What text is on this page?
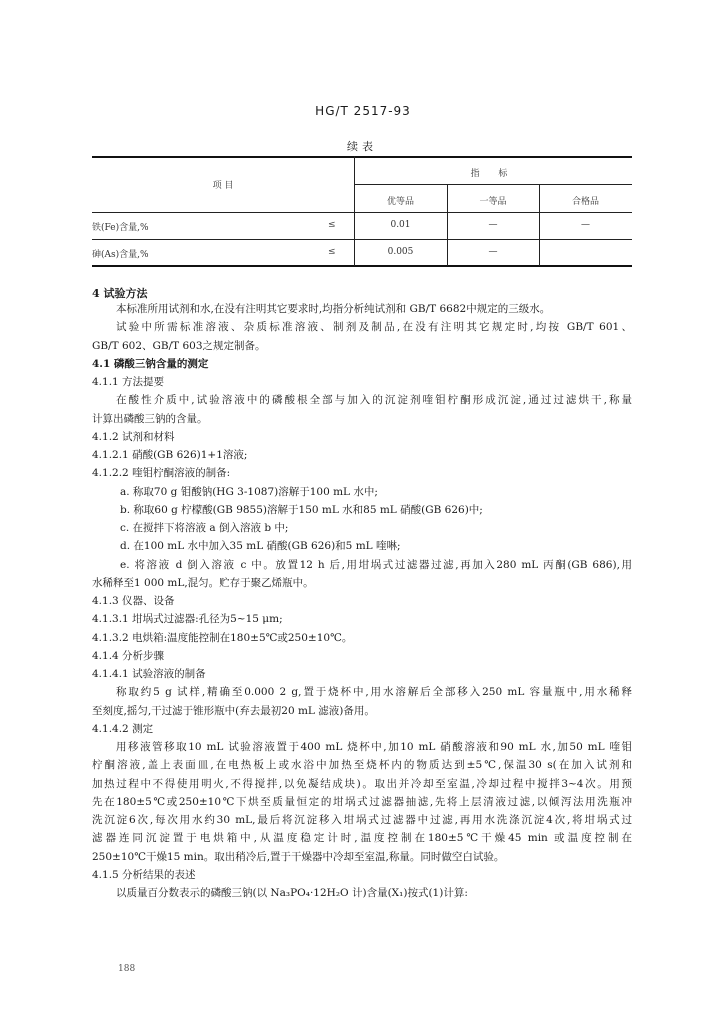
HG/T 2517-93
续表
项 目
指 标
优等品	一等品	合格品
铁(Fe)含量,%	≤	0.01	—	—
砷(As)含量,%	≤	0.005	—
4 试验方法
本标准所用试剂和水,在没有注明其它要求时,均指分析纯试剂和 GB/T 6682中规定的三级水。
试验中所需标准溶液、杂质标准溶液、制剂及制品,在没有注明其它规定时,均按 GB/T 601、
GB/T 602、GB/T 603之规定制备。
4.1 磷酸三钠含量的测定
4.1.1 方法提要
在酸性介质中,试验溶液中的磷酸根全部与加入的沉淀剂喹钼柠酮形成沉淀,通过过滤烘干,称量
计算出磷酸三钠的含量。
4.1.2 试剂和材料
4.1.2.1 硝酸(GB 626)1+1溶液;
4.1.2.2 喹钼柠酮溶液的制备:
a. 称取70 g 钼酸钠(HG 3-1087)溶解于100 mL 水中;
b. 称取60 g 柠檬酸(GB 9855)溶解于150 mL 水和85 mL 硝酸(GB 626)中;
c. 在搅拌下将溶液 a 倒入溶液 b 中;
d. 在100 mL 水中加入35 mL 硝酸(GB 626)和5 mL 喹啉;
e. 将溶液 d 倒入溶液 c 中。放置12 h 后,用坩埚式过滤器过滤,再加入280 mL 丙酮(GB 686),用
水稀释至1 000 mL,混匀。贮存于聚乙烯瓶中。
4.1.3 仪器、设备
4.1.3.1 坩埚式过滤器:孔径为5~15 μm;
4.1.3.2 电烘箱:温度能控制在180±5℃或250±10℃。
4.1.4 分析步骤
4.1.4.1 试验溶液的制备
称取约5 g 试样,精确至0.000 2 g,置于烧杯中,用水溶解后全部移入250 mL 容量瓶中,用水稀释
至刻度,摇匀,干过滤于锥形瓶中(弃去最初20 mL 滤液)备用。
4.1.4.2 测定
用移液管移取10 mL 试验溶液置于400 mL 烧杯中,加10 mL 硝酸溶液和90 mL 水,加50 mL 喹钼
柠酮溶液,盖上表面皿,在电热板上或水浴中加热至烧杯内的物质达到±5℃,保温30 s(在加入试剂和
加热过程中不得使用明火,不得搅拌,以免凝结成块)。取出并冷却至室温,冷却过程中搅拌3~4次。用预
先在180±5℃或250±10℃下烘至质量恒定的坩埚式过滤器抽滤,先将上层清液过滤,以倾泻法用洗瓶冲
洗沉淀6次,每次用水约30 mL,最后将沉淀移入坩埚式过滤器中过滤,再用水洗涤沉淀4次,将坩埚式过
滤器连同沉淀置于电烘箱中,从温度稳定计时,温度控制在180±5℃干燥45 min 或温度控制在
250±10℃干燥15 min。取出稍冷后,置于干燥器中冷却至室温,称量。同时做空白试验。
4.1.5 分析结果的表述
以质量百分数表示的磷酸三钠(以 Na₃PO₄·12H₂O 计)含量(X₁)按式(1)计算:
188
